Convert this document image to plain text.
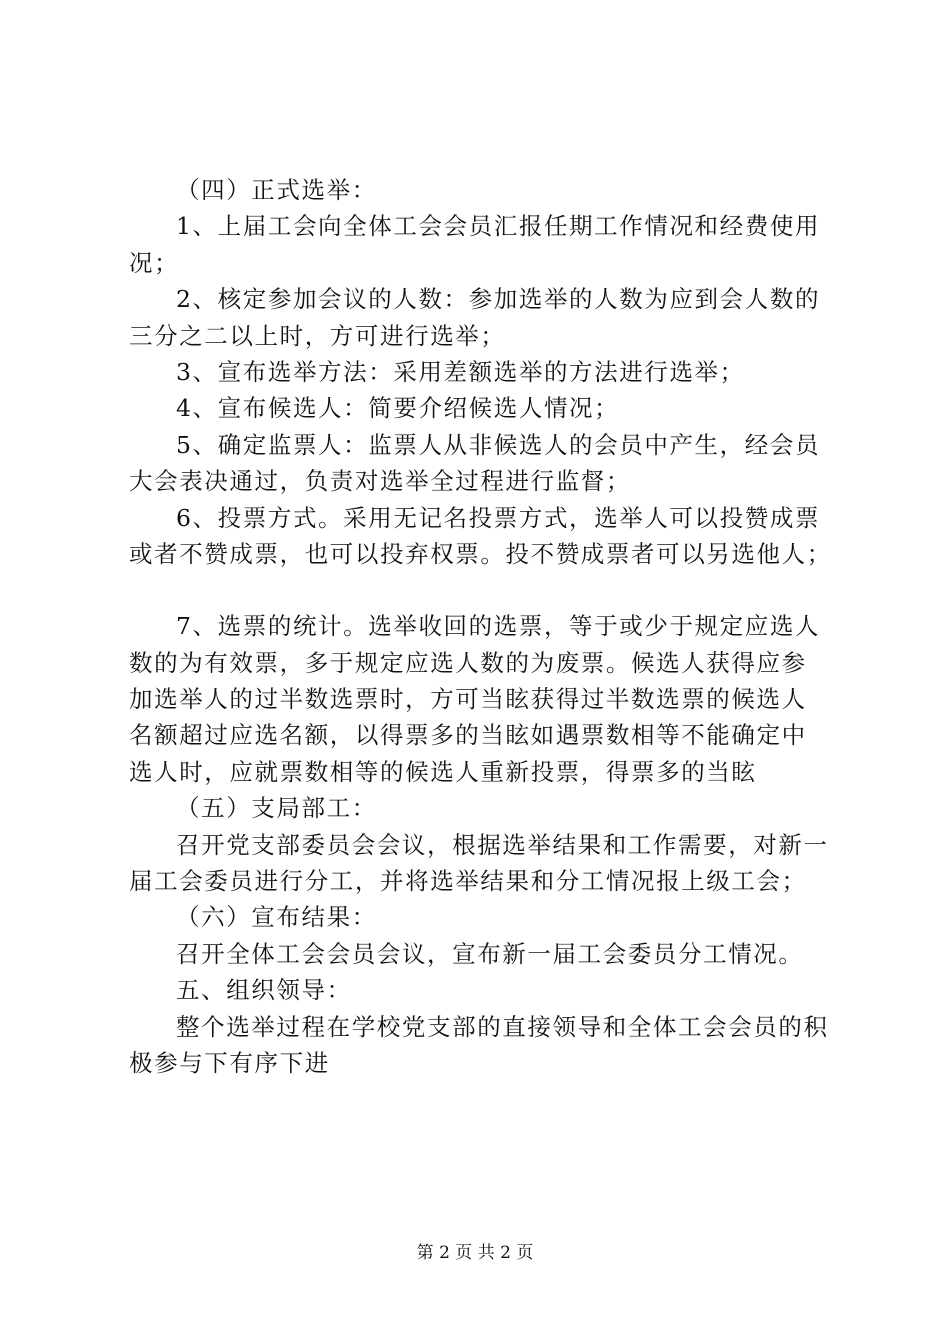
（四）正式选举：
1、上届工会向全体工会会员汇报任期工作情况和经费使用
况；
2、核定参加会议的人数：参加选举的人数为应到会人数的
三分之二以上时，方可进行选举；
3、宣布选举方法：采用差额选举的方法进行选举；
4、宣布候选人：简要介绍候选人情况；
5、确定监票人：监票人从非候选人的会员中产生，经会员
大会表决通过，负责对选举全过程进行监督；
6、投票方式。采用无记名投票方式，选举人可以投赞成票
或者不赞成票，也可以投弃权票。投不赞成票者可以另选他人；
7、选票的统计。选举收回的选票，等于或少于规定应选人
数的为有效票，多于规定应选人数的为废票。候选人获得应参
加选举人的过半数选票时，方可当眩获得过半数选票的候选人
名额超过应选名额，以得票多的当眩如遇票数相等不能确定中
选人时，应就票数相等的候选人重新投票，得票多的当眩
（五）支局部工：
召开党支部委员会会议，根据选举结果和工作需要，对新一
届工会委员进行分工，并将选举结果和分工情况报上级工会；
（六）宣布结果：
召开全体工会会员会议，宣布新一届工会委员分工情况。
五、组织领导：
整个选举过程在学校党支部的直接领导和全体工会会员的积
极参与下有序下进
第 2 页 共 2 页
